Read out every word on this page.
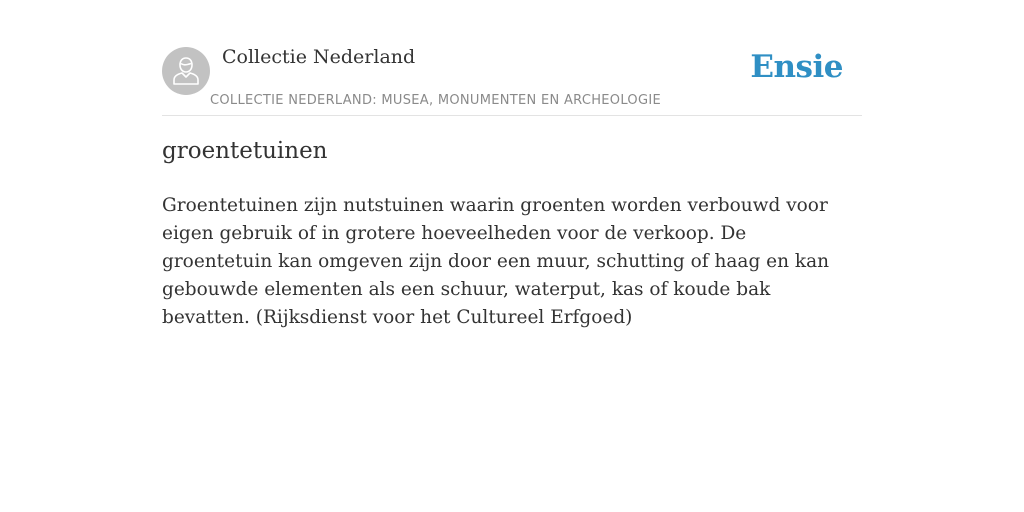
Collectie Nederland
COLLECTIE NEDERLAND: MUSEA, MONUMENTEN EN ARCHEOLOGIE
Ensie
groentetuinen

Groentetuinen zijn nutstuinen waarin groenten worden verbouwd voor eigen gebruik of in grotere hoeveelheden voor de verkoop. De groentetuin kan omgeven zijn door een muur, schutting of haag en kan gebouwde elementen als een schuur, waterput, kas of koude bak bevatten. (Rijksdienst voor het Cultureel Erfgoed)
